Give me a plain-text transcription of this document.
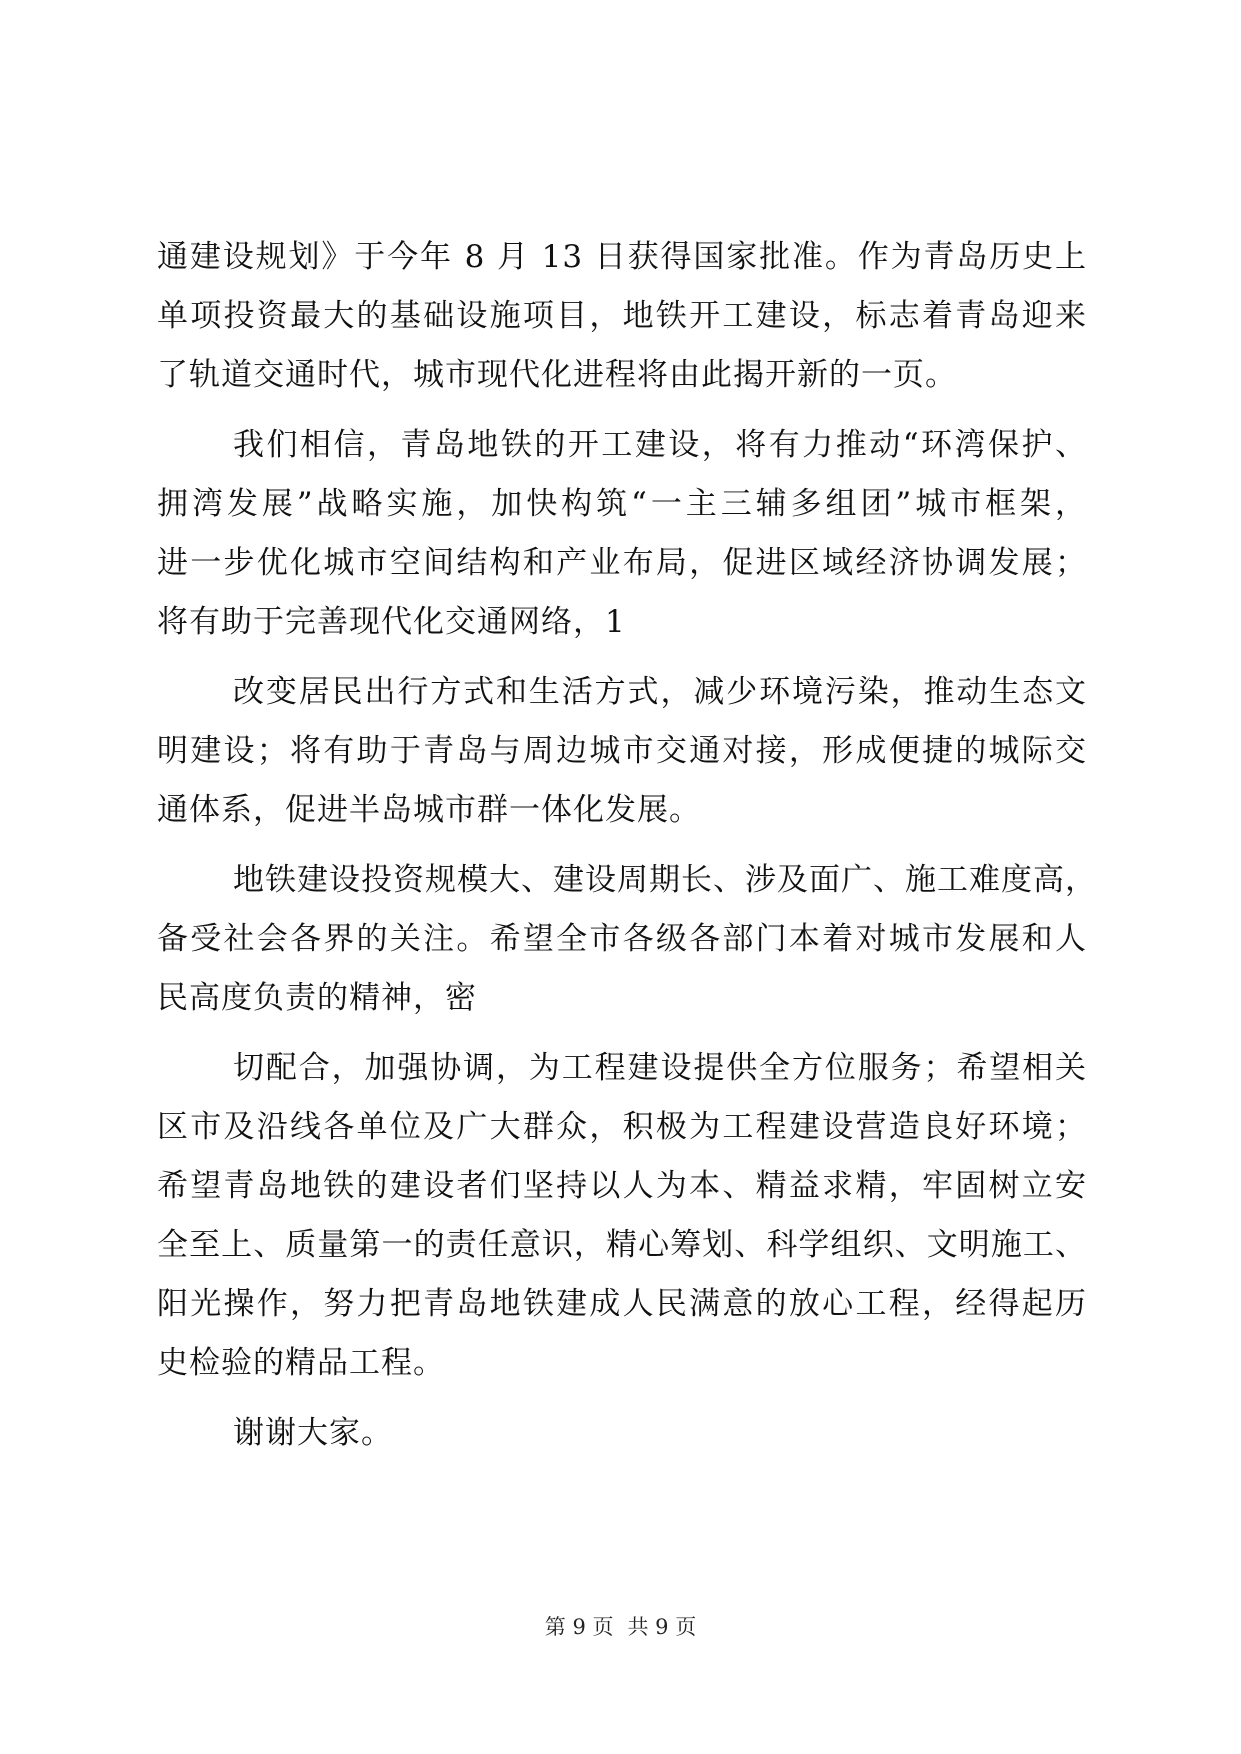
通建设规划》于今年 8 月 13 日获得国家批准。作为青岛历史上
单项投资最大的基础设施项目，地铁开工建设，标志着青岛迎来
了轨道交通时代，城市现代化进程将由此揭开新的一页。
我们相信，青岛地铁的开工建设，将有力推动“环湾保护、
拥湾发展”战略实施，加快构筑“一主三辅多组团”城市框架，
进一步优化城市空间结构和产业布局，促进区域经济协调发展；
将有助于完善现代化交通网络，1
改变居民出行方式和生活方式，减少环境污染，推动生态文
明建设；将有助于青岛与周边城市交通对接，形成便捷的城际交
通体系，促进半岛城市群一体化发展。
地铁建设投资规模大、建设周期长、涉及面广、施工难度高，
备受社会各界的关注。希望全市各级各部门本着对城市发展和人
民高度负责的精神，密
切配合，加强协调，为工程建设提供全方位服务；希望相关
区市及沿线各单位及广大群众，积极为工程建设营造良好环境；
希望青岛地铁的建设者们坚持以人为本、精益求精，牢固树立安
全至上、质量第一的责任意识，精心筹划、科学组织、文明施工、
阳光操作，努力把青岛地铁建成人民满意的放心工程，经得起历
史检验的精品工程。
谢谢大家。
第 9 页 共 9 页
